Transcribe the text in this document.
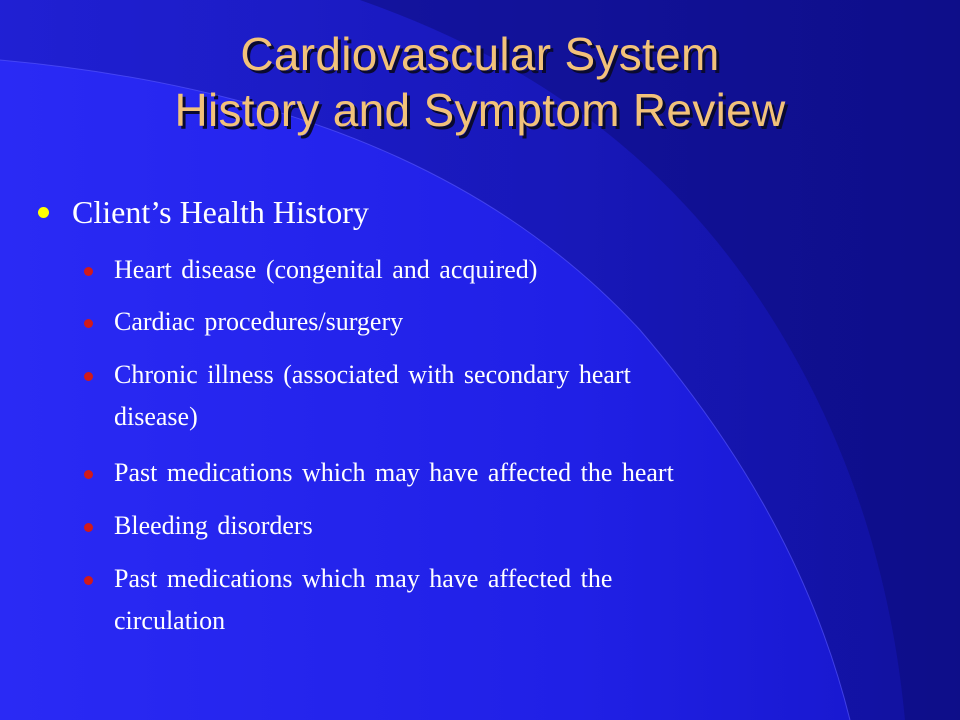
Cardiovascular System
History and Symptom Review

Client’s Health History

Heart disease (congenital and acquired)

Cardiac procedures/surgery

Chronic illness (associated with secondary heart

disease)

Past medications which may have affected the heart

Bleeding disorders

Past medications which may have affected the

circulation
